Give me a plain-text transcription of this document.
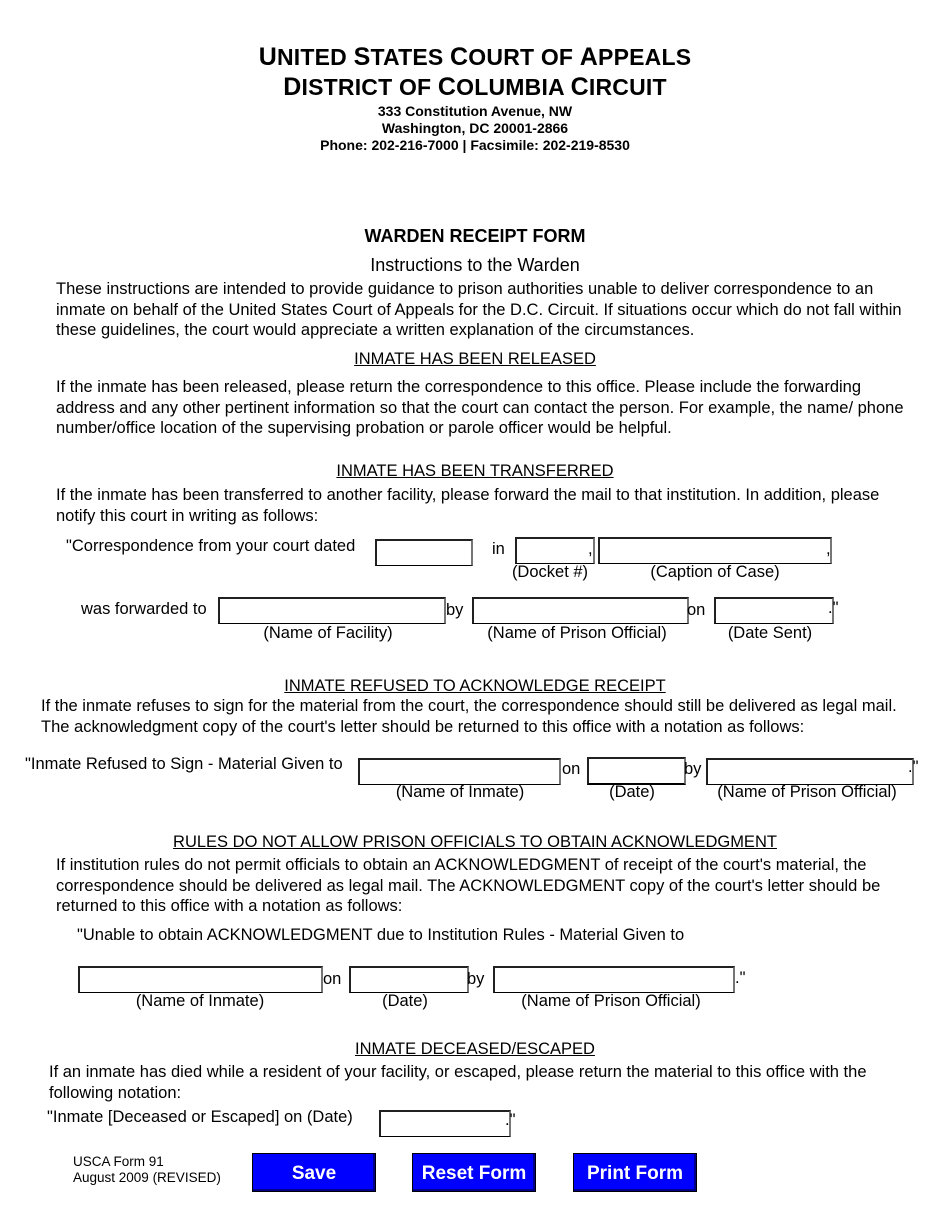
UNITED STATES COURT OF APPEALS
DISTRICT OF COLUMBIA CIRCUIT
333 Constitution Avenue, NW
Washington, DC 20001-2866
Phone: 202-216-7000 | Facsimile: 202-219-8530
WARDEN RECEIPT FORM
Instructions to the Warden
These instructions are intended to provide guidance to prison authorities unable to deliver correspondence to an inmate on behalf of the United States Court of Appeals for the D.C. Circuit. If situations occur which do not fall within these guidelines, the court would appreciate a written explanation of the circumstances.
INMATE HAS BEEN RELEASED
If the inmate has been released, please return the correspondence to this office. Please include the forwarding address and any other pertinent information so that the court can contact the person. For example, the name/ phone number/office location of the supervising probation or parole officer would be helpful.
INMATE HAS BEEN TRANSFERRED
If the inmate has been transferred to another facility, please forward the mail to that institution. In addition, please notify this court in writing as follows:
"Correspondence from your court dated	in	,	,
(Docket #)	(Caption of Case)
was forwarded to	by	on	."
(Name of Facility)	(Name of Prison Official)	(Date Sent)
INMATE REFUSED TO ACKNOWLEDGE RECEIPT
If the inmate refuses to sign for the material from the court, the correspondence should still be delivered as legal mail. The acknowledgment copy of the court's letter should be returned to this office with a notation as follows:
"Inmate Refused to Sign - Material Given to	on	by	."
(Name of Inmate)	(Date)	(Name of Prison Official)
RULES DO NOT ALLOW PRISON OFFICIALS TO OBTAIN ACKNOWLEDGMENT
If institution rules do not permit officials to obtain an ACKNOWLEDGMENT of receipt of the court's material, the correspondence should be delivered as legal mail. The ACKNOWLEDGMENT copy of the court's letter should be returned to this office with a notation as follows:
"Unable to obtain ACKNOWLEDGMENT due to Institution Rules - Material Given to
on	by	."
(Name of Inmate)	(Date)	(Name of Prison Official)
INMATE DECEASED/ESCAPED
If an inmate has died while a resident of your facility, or escaped, please return the material to this office with the following notation:
"Inmate [Deceased or Escaped] on (Date)	."
USCA Form 91
August 2009 (REVISED)	Save	Reset Form	Print Form
